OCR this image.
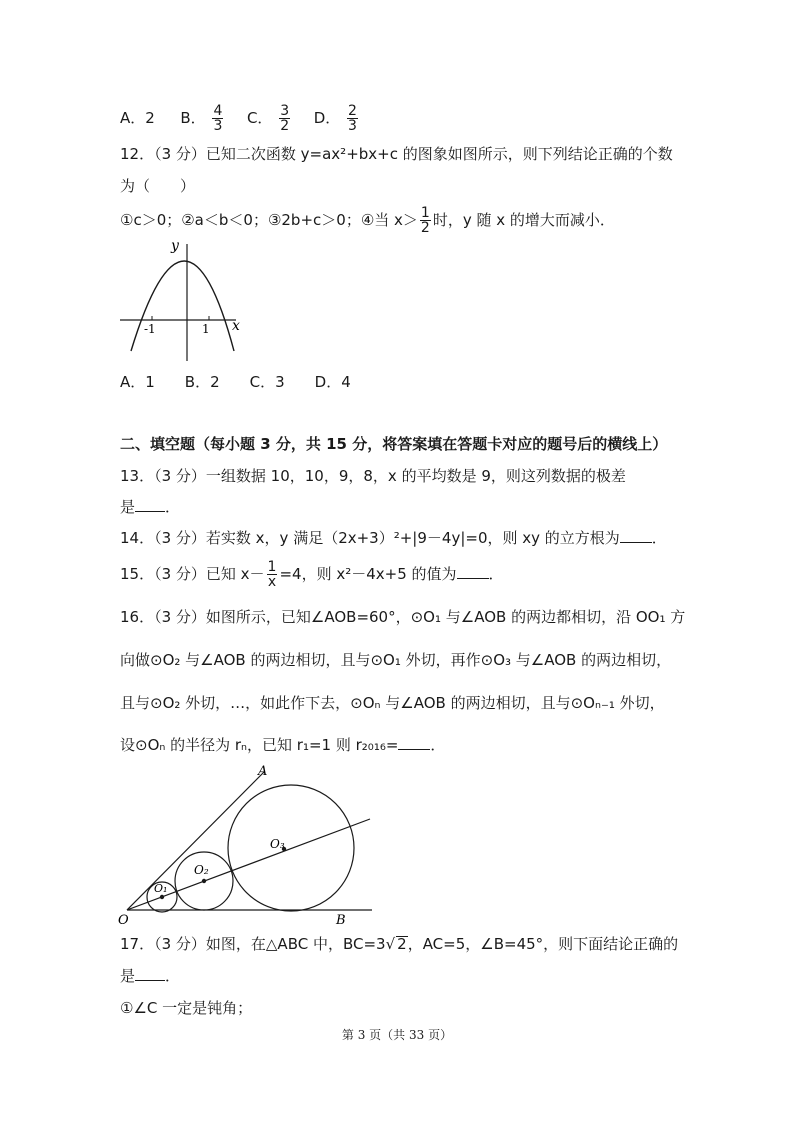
A．2 B． $\frac{4}{3}$ C． $\frac{3}{2}$ D． $\frac{2}{3}$
12．（3 分）已知二次函数 y=ax²+bx+c 的图象如图所示，则下列结论正确的个数
为（　　）
①c＞0；②a＜b＜0；③2b+c＞0；④当 $x> \frac{1}{2}$ 时，y 随 x 的增大而减小．
y
x
-1	1
A．1　　B．2　　C．3　　D．4
二、填空题（每小题 3 分，共 15 分，将答案填在答题卡对应的题号后的横线上）
13．（3 分）一组数据 10，10，9，8，x 的平均数是 9，则这列数据的极差
是 ．
14．（3 分）若实数 x，y 满足（2x+3）²+|9－4y|=0，则 xy 的立方根为 ．
15．（3 分）已知 $x- \frac{1}{x} =4$，则 x²－4x+5 的值为 ．
16．（3 分）如图所示，已知∠AOB=60°，⊙O₁ 与∠AOB 的两边都相切，沿 OO₁ 方
向做⊙O₂ 与∠AOB 的两边相切，且与⊙O₁ 外切，再作⊙O₃ 与∠AOB 的两边相切，
且与⊙O₂ 外切，…，如此作下去，⊙Oₙ 与∠AOB 的两边相切，且与⊙Oₙ₋₁ 外切，
设⊙Oₙ 的半径为 rₙ，已知 r₁=1 则 r₂₀₁₆= ．
A
B
O
O₁
O₂
O₃
17．（3 分）如图，在△ABC 中，BC=3√ 2，AC=5，∠B=45°，则下面结论正确的
是 ．
①∠C 一定是钝角；
第 3 页（共 33 页）
